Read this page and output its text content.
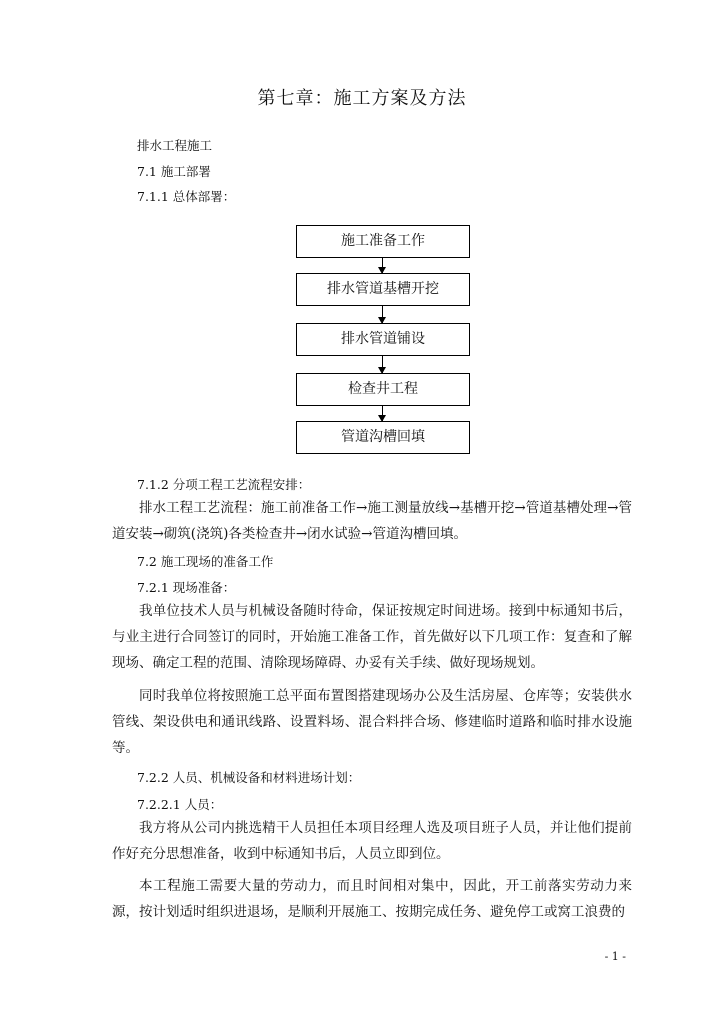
第七章：施工方案及方法
排水工程施工
7.1 施工部署
7.1.1 总体部署：
施工准备工作
排水管道基槽开挖
排水管道铺设
检查井工程
管道沟槽回填
7.1.2 分项工程工艺流程安排：
排水工程工艺流程：施工前准备工作→施工测量放线→基槽开挖→管道基槽处理→管道安装→砌筑(浇筑)各类检查井→闭水试验→管道沟槽回填。
7.2 施工现场的准备工作
7.2.1 现场准备：
我单位技术人员与机械设备随时待命，保证按规定时间进场。接到中标通知书后，与业主进行合同签订的同时，开始施工准备工作，首先做好以下几项工作：复查和了解现场、确定工程的范围、清除现场障碍、办妥有关手续、做好现场规划。
同时我单位将按照施工总平面布置图搭建现场办公及生活房屋、仓库等；安装供水管线、架设供电和通讯线路、设置料场、混合料拌合场、修建临时道路和临时排水设施等。
7.2.2 人员、机械设备和材料进场计划：
7.2.2.1 人员：
我方将从公司内挑选精干人员担任本项目经理人选及项目班子人员，并让他们提前作好充分思想准备，收到中标通知书后，人员立即到位。
本工程施工需要大量的劳动力，而且时间相对集中，因此，开工前落实劳动力来源，按计划适时组织进退场，是顺利开展施工、按期完成任务、避免停工或窝工浪费的
- 1 -
